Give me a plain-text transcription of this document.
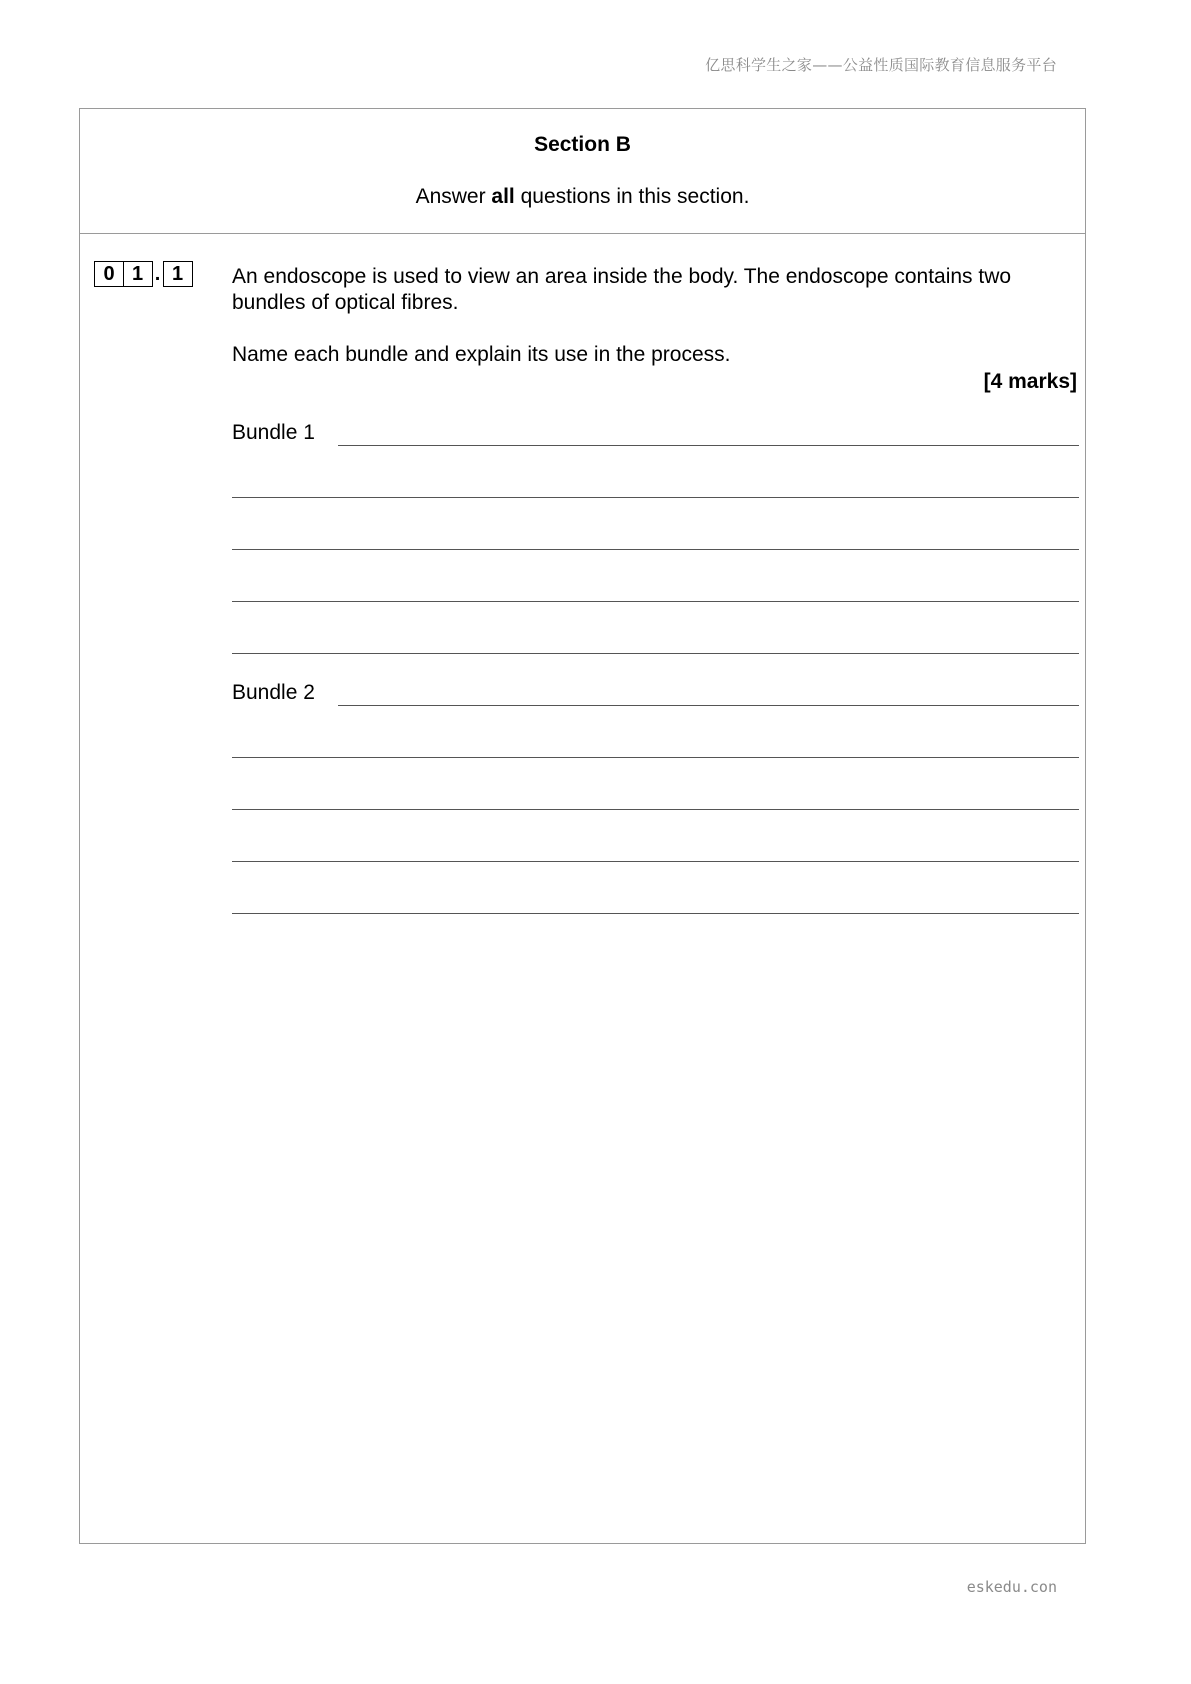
亿思科学生之家——公益性质国际教育信息服务平台
Section B
Answer all questions in this section.
0 1 . 1	An endoscope is used to view an area inside the body. The endoscope contains two bundles of optical fibres.
Name each bundle and explain its use in the process.
[4 marks]
Bundle 1
Bundle 2
eskedu.con
